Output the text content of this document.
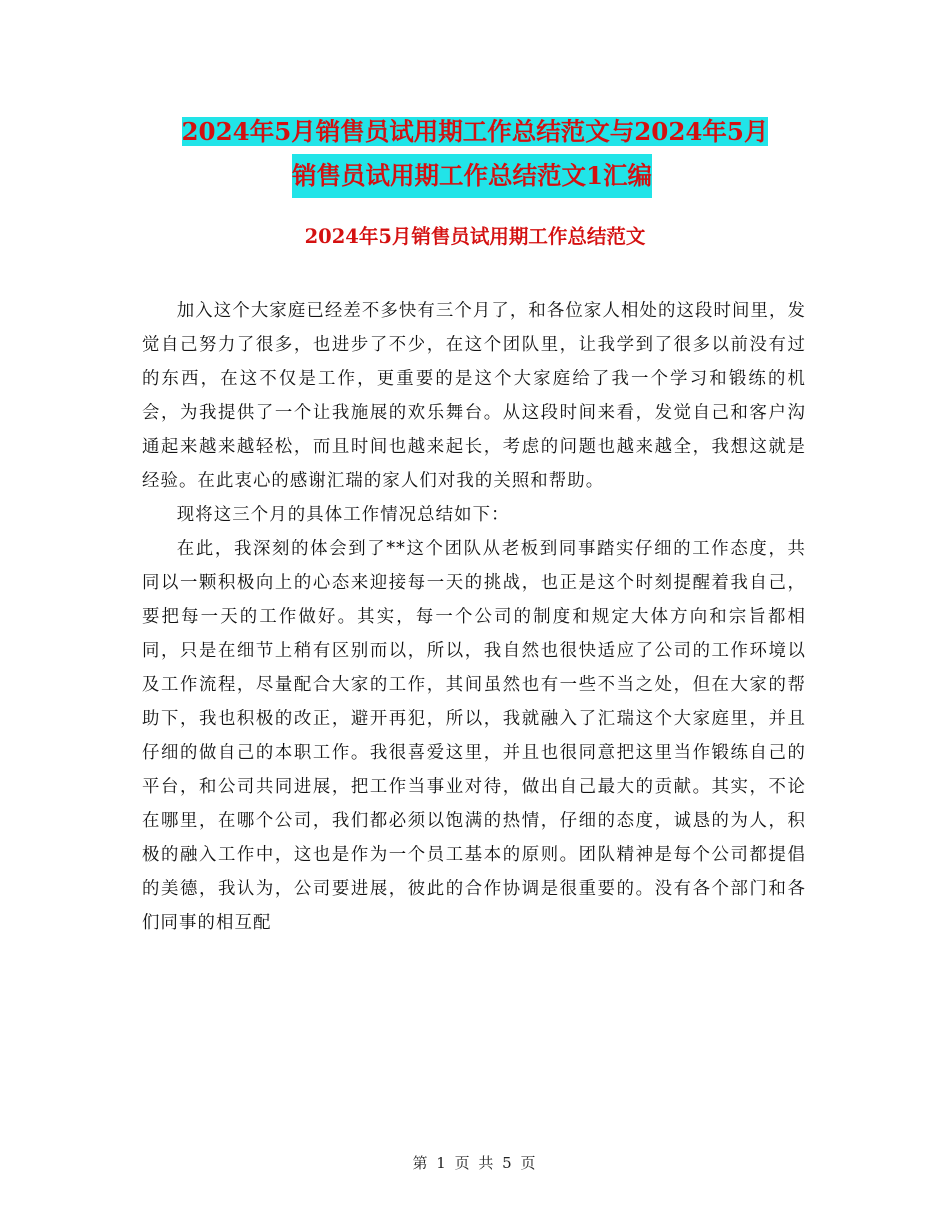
2024年5月销售员试用期工作总结范文与2024年5月
销售员试用期工作总结范文1汇编
2024年5月销售员试用期工作总结范文

加入这个大家庭已经差不多快有三个月了，和各位家人相处的这段时间里，发觉自己努力了很多，也进步了不少，在这个团队里，让我学到了很多以前没有过的东西，在这不仅是工作，更重要的是这个大家庭给了我一个学习和锻练的机会，为我提供了一个让我施展的欢乐舞台。从这段时间来看，发觉自己和客户沟通起来越来越轻松，而且时间也越来起长，考虑的问题也越来越全，我想这就是经验。在此衷心的感谢汇瑞的家人们对我的关照和帮助。

现将这三个月的具体工作情况总结如下：

在此，我深刻的体会到了**这个团队从老板到同事踏实仔细的工作态度，共同以一颗积极向上的心态来迎接每一天的挑战，也正是这个时刻提醒着我自己，要把每一天的工作做好。其实，每一个公司的制度和规定大体方向和宗旨都相同，只是在细节上稍有区别而以，所以，我自然也很快适应了公司的工作环境以及工作流程，尽量配合大家的工作，其间虽然也有一些不当之处，但在大家的帮助下，我也积极的改正，避开再犯，所以，我就融入了汇瑞这个大家庭里，并且仔细的做自己的本职工作。我很喜爱这里，并且也很同意把这里当作锻练自己的平台，和公司共同进展，把工作当事业对待，做出自己最大的贡献。其实，不论在哪里，在哪个公司，我们都必须以饱满的热情，仔细的态度，诚恳的为人，积极的融入工作中，这也是作为一个员工基本的原则。团队精神是每个公司都提倡的美德，我认为，公司要进展，彼此的合作协调是很重要的。没有各个部门和各们同事的相互配

第 1 页 共 5 页
